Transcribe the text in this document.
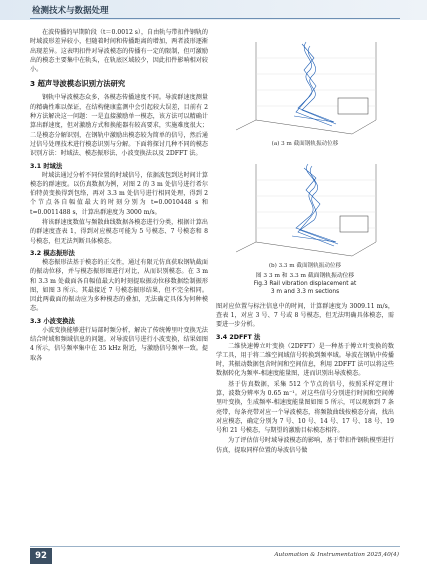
检测技术与数据处理

在波传播的早期阶段（t＝0.0012 s），自由轨与带扣件钢轨的时域波形差异较小，但随着时间和传播距离的增加，两者波形逐渐出现差异。这表明扣件对导波模态的传播有一定的限制，但可激励出的模态主要集中在轨头，在轨底区域较少，因此扣件影响相对较小。

3 超声导波模态识别方法研究

钢轨中导波模态众多，各模态传播速度不同。导波群速度测量的精确性难以保证，在结构健康监测中会引起较大误差，目前有 2 种方法解决这一问题：一是直接激励单一模态，该方法可以精确计算出群速度，但对激励方式和换能器有较高要求，实施难度很大；二是模态分解识别，在钢轨中激励出模态较为简单的信号，然后通过信号处理技术进行模态识别与分解。下面将探讨几种不同的模态识别方法：时域法、模态振形法、小波变换法以及 2DFFT 法。

3.1 时域法

时域法通过分析不同位置的时域信号，依据波包到达时间计算模态的群速度。以仿真数据为例，对图 2 的 3 m 处信号进行希尔伯特黄变换得到包络，再对 3.3 m 处信号进行相同处理，得到 2 个节点各自幅值最大的时刻分别为 t=0.0010448 s 和 t=0.0011488 s，计算出群速度为 3000 m/s。

将该群速度数值与频散曲线数据各模态进行分类，根据计算出的群速度查表 1，得到对应模态可能为 5 号模态、7 号模态和 8 号模态，但无法判断具体模态。

3.2 模态振形法

模态振形法基于模态的正交性，通过有限元仿真获取钢轨截面的振动位移，并与模态振形图进行对比，从而识别模态。在 3 m 和 3.3 m 处截面各自幅值最大的时刻提取振动位移数据绘制振形图，如图 3 所示。其最接近 7 号模态振形结果，但不完全相同。因此两截面的振动应为多种模态的叠加，无法确定具体为何种模态。

3.3 小波变换法

小波变换能够进行局部时频分析，解决了传统傅里叶变换无法结合时域和频域信息的问题。对导波信号进行小波变换，结果如图 4 所示，信号频率集中在 35 kHz 附近，与激励信号频率一致。提取各

(a) 3 m 截面钢轨振动位移
(b) 3.3 m 截面钢轨振动位移
图 3 3 m 和 3.3 m 截面钢轨振动位移
Fig.3 Rail vibration displacement at
3 m and 3.3 m sections

图对应位置与标注信息中的时间，计算群速度为 3009.11 m/s，查表 1，对应 3 号、7 号或 8 号模态，但无法明确具体模态，需要进一步分析。

3.4 2DFFT 法

二维快速傅立叶变换（2DFFT）是一种基于傅立叶变换的数学工具，用于将二维空间域信号转换到频率域。导波在钢轨中传播时，其振动数据包含时间和空间信息，利用 2DFFT 法可以将这些数据转化为频率-相速度能量图，进而识别出导波模态。

基于仿真数据，采集 512 个节点的信号，按照采样定理计算，波数分辨率为 0.65 m⁻¹。对这些信号分别进行时间和空间傅里叶变换，生成频率-相速度能量图如图 5 所示，可以观察到 7 条亮带，每条亮带对应一个导波模态，将频散曲线按模态分离，找出对应模态，确定分别为 7 号、10 号、14 号、17 号、18 号、19 号和 21 号模态，与期望的激励目标模态相符。

为了评估信号时域导波模态的影响，基于带扣件钢轨模型进行仿真，提取同样位置的导波信号做

92	Automation & Instrumentation 2025,40(4)
